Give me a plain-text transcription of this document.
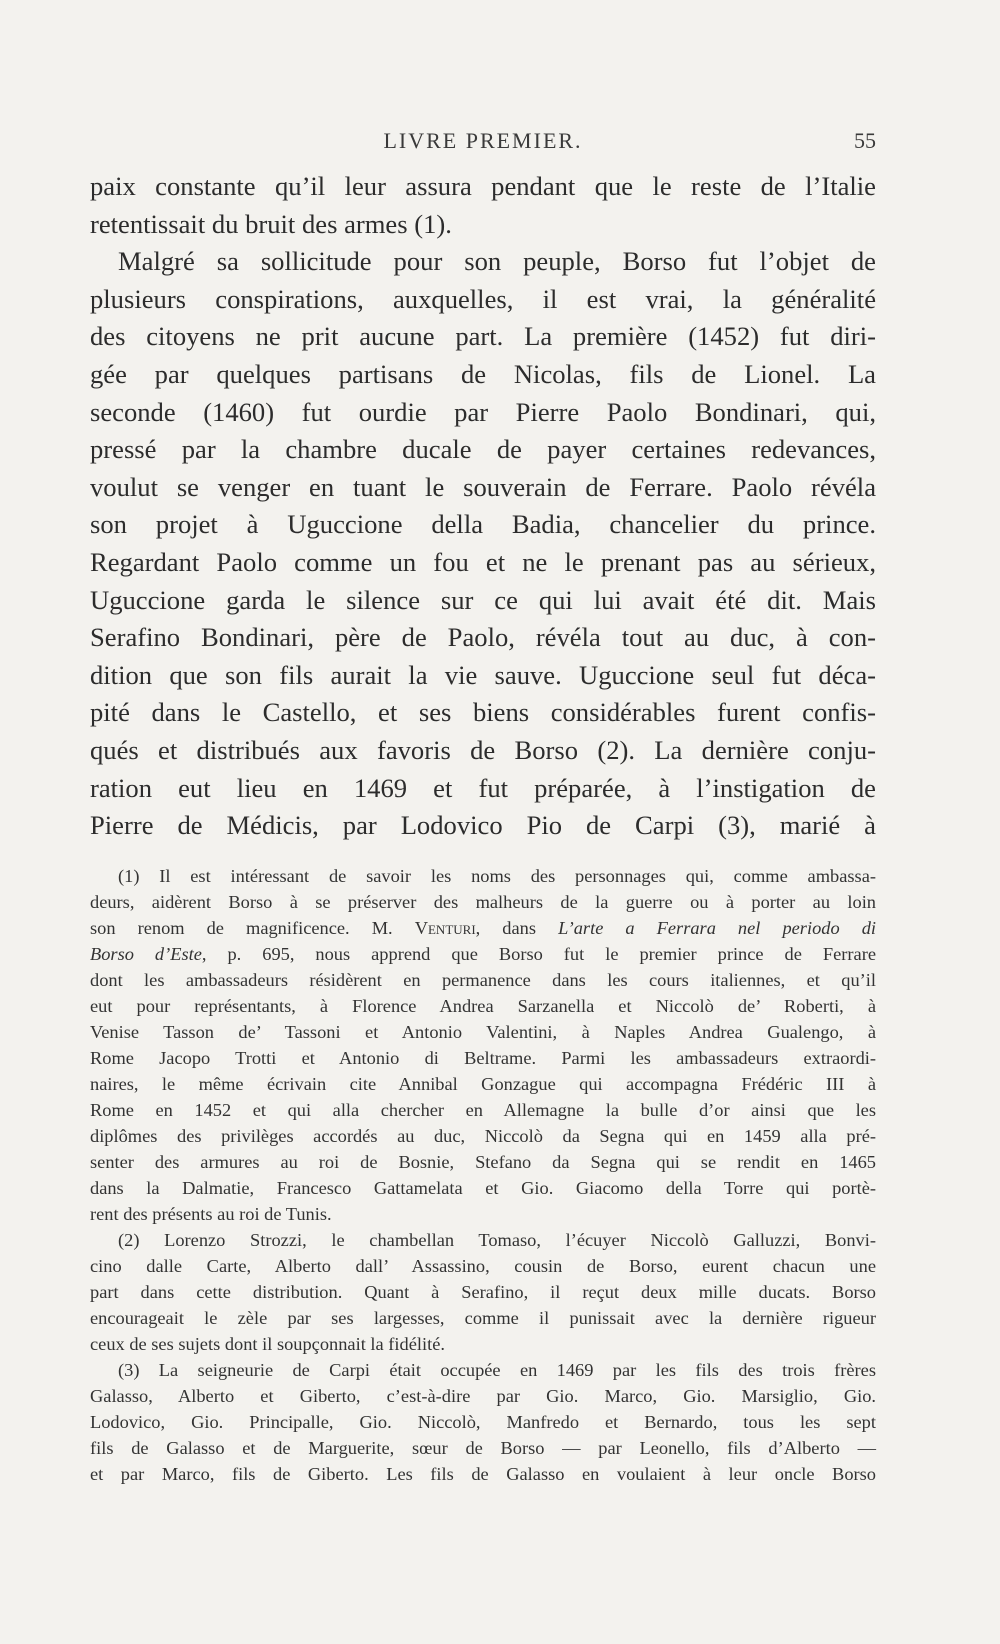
LIVRE PREMIER.	55
paix constante qu’il leur assura pendant que le reste de l’Italie
retentissait du bruit des armes (1).
Malgré sa sollicitude pour son peuple, Borso fut l’objet de
plusieurs conspirations, auxquelles, il est vrai, la généralité
des citoyens ne prit aucune part. La première (1452) fut diri-
gée par quelques partisans de Nicolas, fils de Lionel. La
seconde (1460) fut ourdie par Pierre Paolo Bondinari, qui,
pressé par la chambre ducale de payer certaines redevances,
voulut se venger en tuant le souverain de Ferrare. Paolo révéla
son projet à Uguccione della Badia, chancelier du prince.
Regardant Paolo comme un fou et ne le prenant pas au sérieux,
Uguccione garda le silence sur ce qui lui avait été dit. Mais
Serafino Bondinari, père de Paolo, révéla tout au duc, à con-
dition que son fils aurait la vie sauve. Uguccione seul fut déca-
pité dans le Castello, et ses biens considérables furent confis-
qués et distribués aux favoris de Borso (2). La dernière conju-
ration eut lieu en 1469 et fut préparée, à l’instigation de
Pierre de Médicis, par Lodovico Pio de Carpi (3), marié à
(1) Il est intéressant de savoir les noms des personnages qui, comme ambassa-
deurs, aidèrent Borso à se préserver des malheurs de la guerre ou à porter au loin
son renom de magnificence. M. Venturi, dans L’arte a Ferrara nel periodo di
Borso d’Este, p. 695, nous apprend que Borso fut le premier prince de Ferrare
dont les ambassadeurs résidèrent en permanence dans les cours italiennes, et qu’il
eut pour représentants, à Florence Andrea Sarzanella et Niccolò de’ Roberti, à
Venise Tasson de’ Tassoni et Antonio Valentini, à Naples Andrea Gualengo, à
Rome Jacopo Trotti et Antonio di Beltrame. Parmi les ambassadeurs extraordi-
naires, le même écrivain cite Annibal Gonzague qui accompagna Frédéric III à
Rome en 1452 et qui alla chercher en Allemagne la bulle d’or ainsi que les
diplômes des privilèges accordés au duc, Niccolò da Segna qui en 1459 alla pré-
senter des armures au roi de Bosnie, Stefano da Segna qui se rendit en 1465
dans la Dalmatie, Francesco Gattamelata et Gio. Giacomo della Torre qui portè-
rent des présents au roi de Tunis.
(2) Lorenzo Strozzi, le chambellan Tomaso, l’écuyer Niccolò Galluzzi, Bonvi-
cino dalle Carte, Alberto dall’ Assassino, cousin de Borso, eurent chacun une
part dans cette distribution. Quant à Serafino, il reçut deux mille ducats. Borso
encourageait le zèle par ses largesses, comme il punissait avec la dernière rigueur
ceux de ses sujets dont il soupçonnait la fidélité.
(3) La seigneurie de Carpi était occupée en 1469 par les fils des trois frères
Galasso, Alberto et Giberto, c’est-à-dire par Gio. Marco, Gio. Marsiglio, Gio.
Lodovico, Gio. Principalle, Gio. Niccolò, Manfredo et Bernardo, tous les sept
fils de Galasso et de Marguerite, sœur de Borso — par Leonello, fils d’Alberto —
et par Marco, fils de Giberto. Les fils de Galasso en voulaient à leur oncle Borso
